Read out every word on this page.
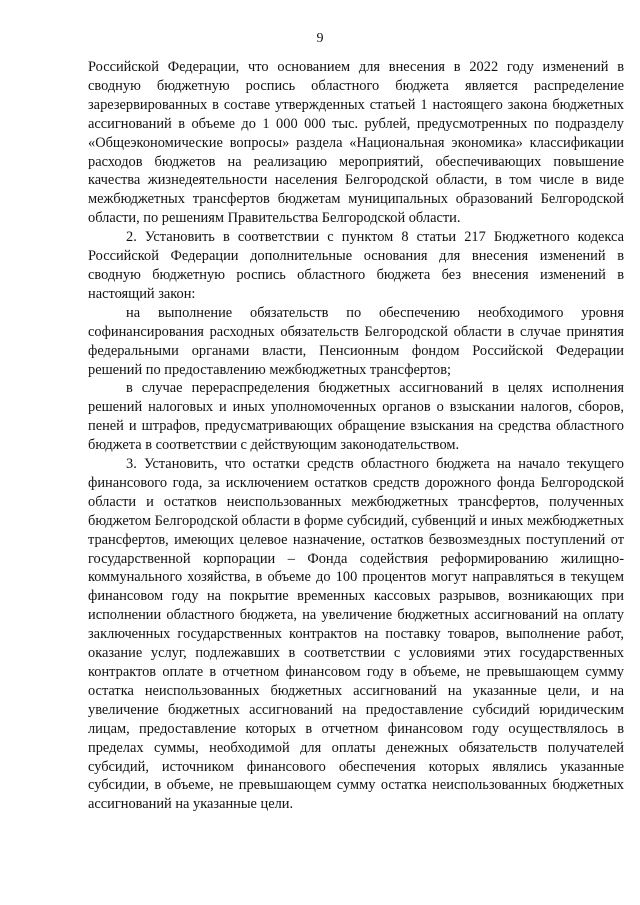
9

Российской Федерации, что основанием для внесения в 2022 году изменений в сводную бюджетную роспись областного бюджета является распределение зарезервированных в составе утвержденных статьей 1 настоящего закона бюджетных ассигнований в объеме до 1 000 000 тыс. рублей, предусмотренных по подразделу «Общеэкономические вопросы» раздела «Национальная экономика» классификации расходов бюджетов на реализацию мероприятий, обеспечивающих повышение качества жизнедеятельности населения Белгородской области, в том числе в виде межбюджетных трансфертов бюджетам муниципальных образований Белгородской области, по решениям Правительства Белгородской области.

2. Установить в соответствии с пунктом 8 статьи 217 Бюджетного кодекса Российской Федерации дополнительные основания для внесения изменений в сводную бюджетную роспись областного бюджета без внесения изменений в настоящий закон:

на выполнение обязательств по обеспечению необходимого уровня софинансирования расходных обязательств Белгородской области в случае принятия федеральными органами власти, Пенсионным фондом Российской Федерации решений по предоставлению межбюджетных трансфертов;

в случае перераспределения бюджетных ассигнований в целях исполнения решений налоговых и иных уполномоченных органов о взыскании налогов, сборов, пеней и штрафов, предусматривающих обращение взыскания на средства областного бюджета в соответствии с действующим законодательством.

3. Установить, что остатки средств областного бюджета на начало текущего финансового года, за исключением остатков средств дорожного фонда Белгородской области и остатков неиспользованных межбюджетных трансфертов, полученных бюджетом Белгородской области в форме субсидий, субвенций и иных межбюджетных трансфертов, имеющих целевое назначение, остатков безвозмездных поступлений от государственной корпорации – Фонда содействия реформированию жилищно-коммунального хозяйства, в объеме до 100 процентов могут направляться в текущем финансовом году на покрытие временных кассовых разрывов, возникающих при исполнении областного бюджета, на увеличение бюджетных ассигнований на оплату заключенных государственных контрактов на поставку товаров, выполнение работ, оказание услуг, подлежавших в соответствии с условиями этих государственных контрактов оплате в отчетном финансовом году в объеме, не превышающем сумму остатка неиспользованных бюджетных ассигнований на указанные цели, и на увеличение бюджетных ассигнований на предоставление субсидий юридическим лицам, предоставление которых в отчетном финансовом году осуществлялось в пределах суммы, необходимой для оплаты денежных обязательств получателей субсидий, источником финансового обеспечения которых являлись указанные субсидии, в объеме, не превышающем сумму остатка неиспользованных бюджетных ассигнований на указанные цели.
